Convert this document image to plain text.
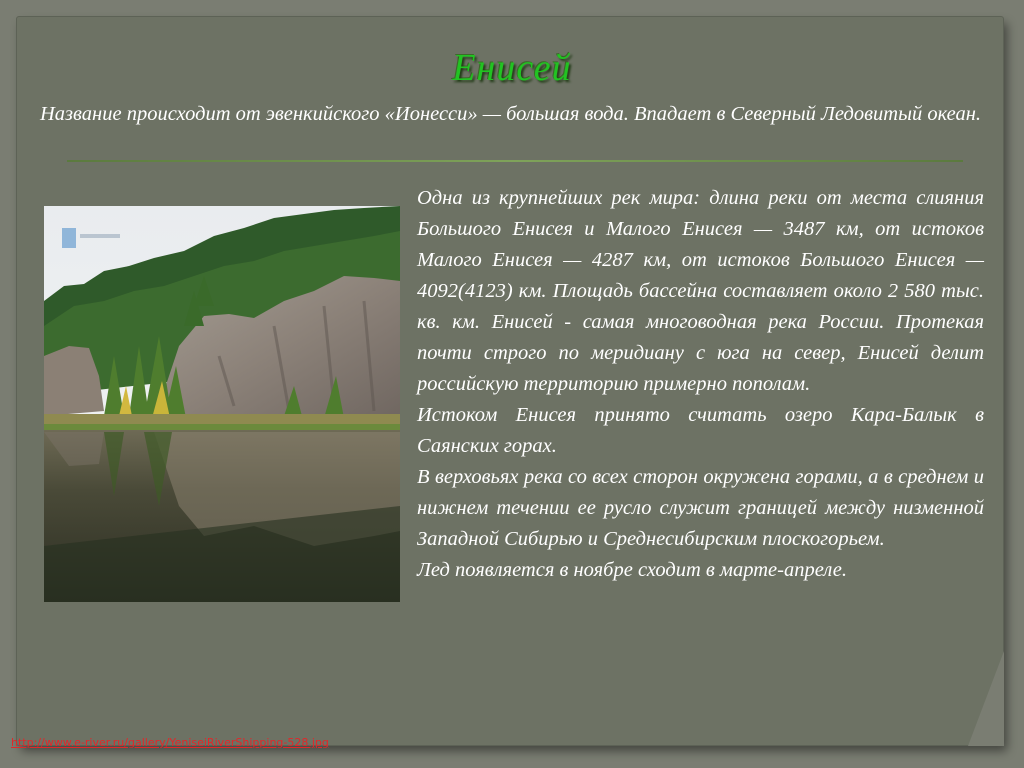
Енисей
Название происходит от эвенкийского «Ионесси» — большая вода. Впадает в Северный Ледовитый океан.

Одна из крупнейших рек мира: длина реки от места слияния Большого Енисея и Малого Енисея — 3487 км, от истоков Малого Енисея — 4287 км, от истоков Большого Енисея — 4092(4123) км. Площадь бассейна составляет около 2 580 тыс. кв. км. Енисей - самая многоводная река России. Протекая почти строго по меридиану с юга на север, Енисей делит российскую территорию примерно пополам.

Истоком Енисея принято считать озеро Кара-Балык в Саянских горах.

В верховьях река со всех сторон окружена горами, а в среднем и нижнем течении ее русло служит границей между низменной Западной Сибирью и Среднесибирским плоскогорьем.

Лед появляется в ноябре сходит в марте-апреле.

http://www.e-river.ru/gallery/YeniseiRiverShipping-528.jpg
